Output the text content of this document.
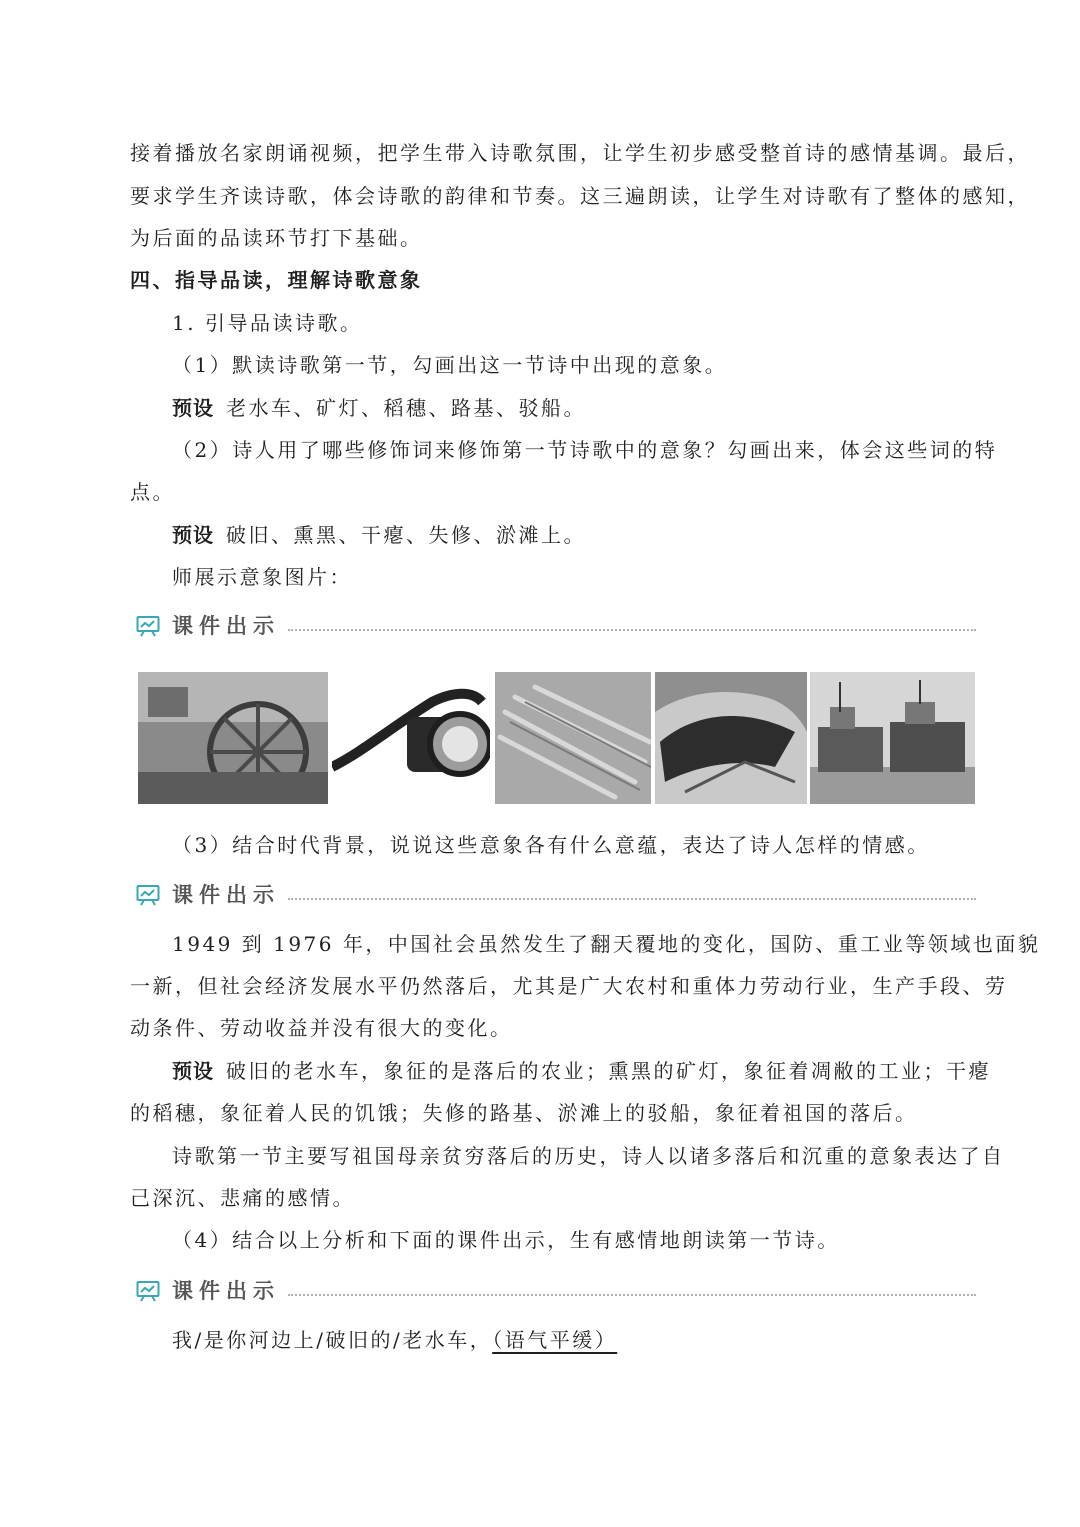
接着播放名家朗诵视频，把学生带入诗歌氛围，让学生初步感受整首诗的感情基调。最后，

要求学生齐读诗歌，体会诗歌的韵律和节奏。这三遍朗读，让学生对诗歌有了整体的感知，

为后面的品读环节打下基础。

四、指导品读，理解诗歌意象

1. 引导品读诗歌。

（1）默读诗歌第一节，勾画出这一节诗中出现的意象。

预设 老水车、矿灯、稻穗、路基、驳船。

（2）诗人用了哪些修饰词来修饰第一节诗歌中的意象？勾画出来，体会这些词的特

点。

预设 破旧、熏黑、干瘪、失修、淤滩上。

师展示意象图片：

课件出示

（3）结合时代背景，说说这些意象各有什么意蕴，表达了诗人怎样的情感。

课件出示

1949 到 1976 年，中国社会虽然发生了翻天覆地的变化，国防、重工业等领域也面貌

一新，但社会经济发展水平仍然落后，尤其是广大农村和重体力劳动行业，生产手段、劳

动条件、劳动收益并没有很大的变化。

预设 破旧的老水车，象征的是落后的农业；熏黑的矿灯，象征着凋敝的工业；干瘪

的稻穗，象征着人民的饥饿；失修的路基、淤滩上的驳船，象征着祖国的落后。

诗歌第一节主要写祖国母亲贫穷落后的历史，诗人以诸多落后和沉重的意象表达了自

己深沉、悲痛的感情。

（4）结合以上分析和下面的课件出示，生有感情地朗读第一节诗。

课件出示

我/是你河边上/破旧的/老水车，（语气平缓）
